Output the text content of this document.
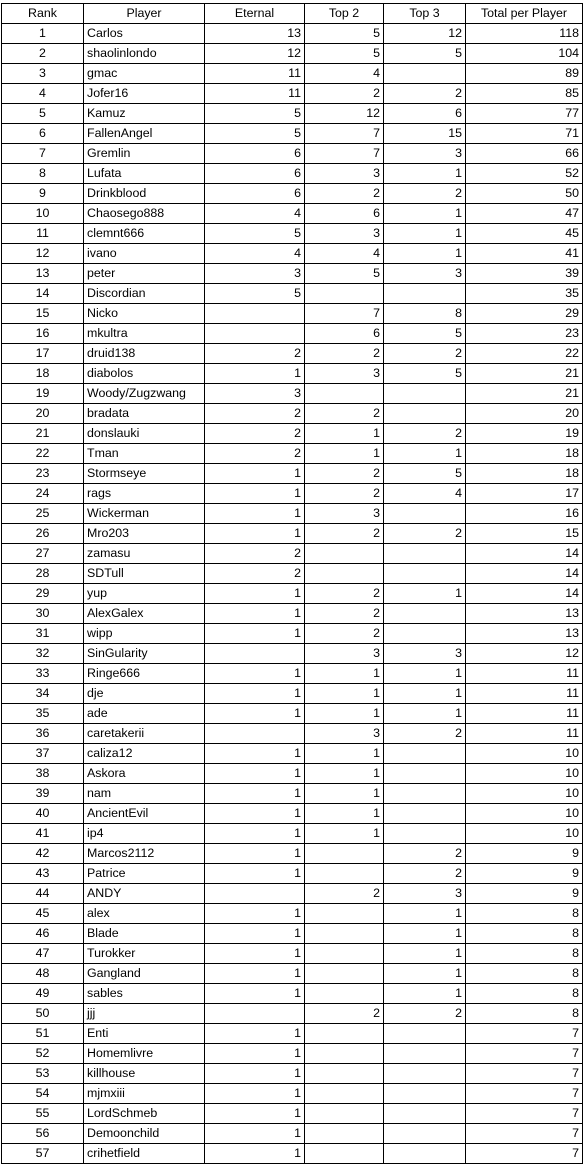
Rank	Player	Eternal	Top 2	Top 3	Total per Player
1	Carlos	13	5	12	118
2	shaolinlondo	12	5	5	104
3	gmac	11	4		89
4	Jofer16	11	2	2	85
5	Kamuz	5	12	6	77
6	FallenAngel	5	7	15	71
7	Gremlin	6	7	3	66
8	Lufata	6	3	1	52
9	Drinkblood	6	2	2	50
10	Chaosego888	4	6	1	47
11	clemnt666	5	3	1	45
12	ivano	4	4	1	41
13	peter	3	5	3	39
14	Discordian	5			35
15	Nicko		7	8	29
16	mkultra		6	5	23
17	druid138	2	2	2	22
18	diabolos	1	3	5	21
19	Woody/Zugzwang	3			21
20	bradata	2	2		20
21	donslauki	2	1	2	19
22	Tman	2	1	1	18
23	Stormseye	1	2	5	18
24	rags	1	2	4	17
25	Wickerman	1	3		16
26	Mro203	1	2	2	15
27	zamasu	2			14
28	SDTull	2			14
29	yup	1	2	1	14
30	AlexGalex	1	2		13
31	wipp	1	2		13
32	SinGularity		3	3	12
33	Ringe666	1	1	1	11
34	dje	1	1	1	11
35	ade	1	1	1	11
36	caretakerii		3	2	11
37	caliza12	1	1		10
38	Askora	1	1		10
39	nam	1	1		10
40	AncientEvil	1	1		10
41	ip4	1	1		10
42	Marcos2112	1		2	9
43	Patrice	1		2	9
44	ANDY		2	3	9
45	alex	1		1	8
46	Blade	1		1	8
47	Turokker	1		1	8
48	Gangland	1		1	8
49	sables	1		1	8
50	jjj		2	2	8
51	Enti	1			7
52	Homemlivre	1			7
53	killhouse	1			7
54	mjmxiii	1			7
55	LordSchmeb	1			7
56	Demoonchild	1			7
57	crihetfield	1			7
